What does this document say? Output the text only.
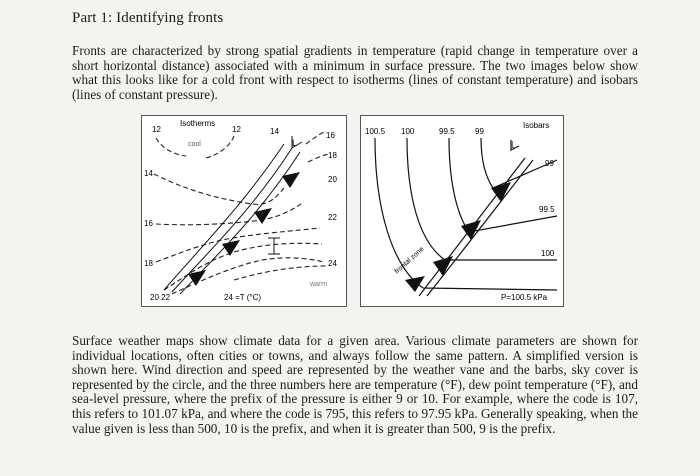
Part 1: Identifying fronts

Fronts are characterized by strong spatial gradients in temperature (rapid change in temperature over a short horizontal distance) associated with a minimum in surface pressure. The two images below show what this looks like for a cold front with respect to isotherms (lines of constant temperature) and isobars (lines of constant pressure).

Isotherms
12	12	14
cool
14
16
18
20 22	24 =T (°C)
L
16
18
20
22
24
warm
Isobars
100.5 100	99.5	99
L
99
99.5
100
P=100.5 kPa
frontal zone

Surface weather maps show climate data for a given area. Various climate parameters are shown for individual locations, often cities or towns, and always follow the same pattern. A simplified version is shown here. Wind direction and speed are represented by the weather vane and the barbs, sky cover is represented by the circle, and the three numbers here are temperature (°F), dew point temperature (°F), and sea-level pressure, where the prefix of the pressure is either 9 or 10. For example, where the code is 107, this refers to 101.07 kPa, and where the code is 795, this refers to 97.95 kPa. Generally speaking, when the value given is less than 500, 10 is the prefix, and when it is greater than 500, 9 is the prefix.
